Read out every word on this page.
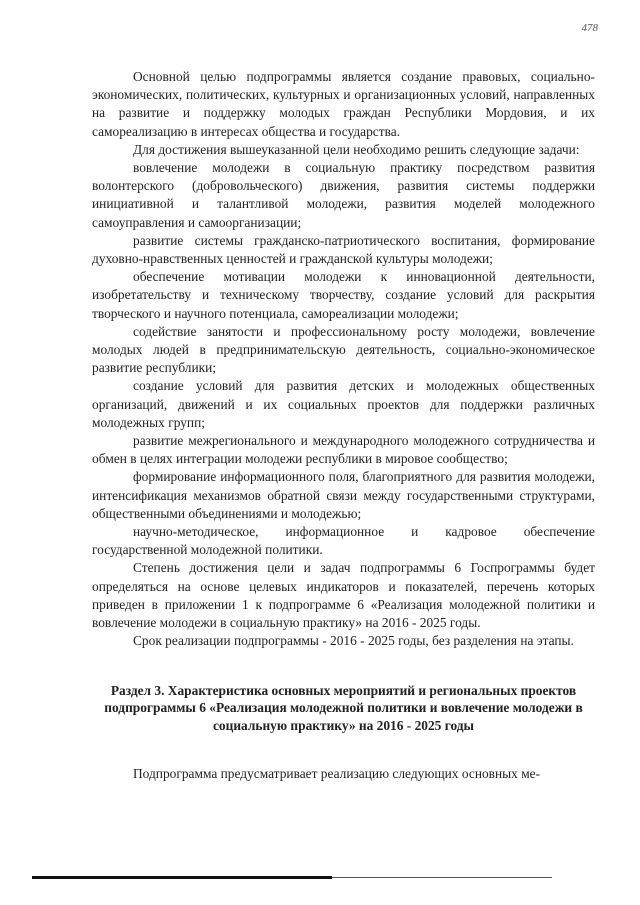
478

Основной целью подпрограммы является создание правовых, социально-экономических, политических, культурных и организационных условий, направленных на развитие и поддержку молодых граждан Республики Мордовия, и их самореализацию в интересах общества и государства.

Для достижения вышеуказанной цели необходимо решить следующие задачи:

вовлечение молодежи в социальную практику посредством развития волонтерского (добровольческого) движения, развития системы поддержки инициативной и талантливой молодежи, развития моделей молодежного самоуправления и самоорганизации;

развитие системы гражданско-патриотического воспитания, формирование духовно-нравственных ценностей и гражданской культуры молодежи;

обеспечение мотивации молодежи к инновационной деятельности, изобретательству и техническому творчеству, создание условий для раскрытия творческого и научного потенциала, самореализации молодежи;

содействие занятости и профессиональному росту молодежи, вовлечение молодых людей в предпринимательскую деятельность, социально-экономическое развитие республики;

создание условий для развития детских и молодежных общественных организаций, движений и их социальных проектов для поддержки различных молодежных групп;

развитие межрегионального и международного молодежного сотрудничества и обмен в целях интеграции молодежи республики в мировое сообщество;

формирование информационного поля, благоприятного для развития молодежи, интенсификация механизмов обратной связи между государственными структурами, общественными объединениями и молодежью;

научно-методическое, информационное и кадровое обеспечение государственной молодежной политики.

Степень достижения цели и задач подпрограммы 6 Госпрограммы будет определяться на основе целевых индикаторов и показателей, перечень которых приведен в приложении 1 к подпрограмме 6 «Реализация молодежной политики и вовлечение молодежи в социальную практику» на 2016 - 2025 годы.

Срок реализации подпрограммы - 2016 - 2025 годы, без разделения на этапы.

Раздел 3. Характеристика основных мероприятий и региональных проектов подпрограммы 6 «Реализация молодежной политики и вовлечение молодежи в социальную практику» на 2016 - 2025 годы

Подпрограмма предусматривает реализацию следующих основных ме-
